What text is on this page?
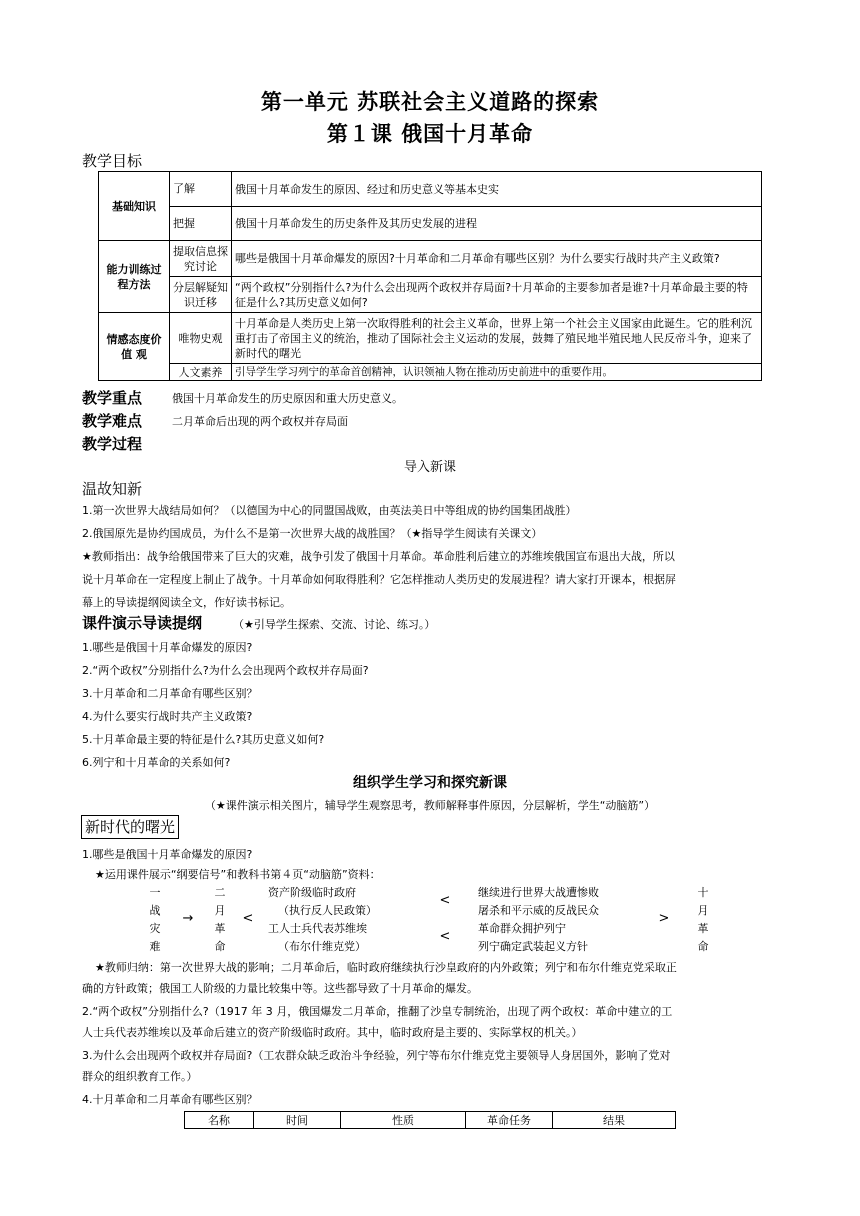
第一单元 苏联社会主义道路的探索
第１课 俄国十月革命
教学目标
基础知识	了解	俄国十月革命发生的原因、经过和历史意义等基本史实
	把握	俄国十月革命发生的历史条件及其历史发展的进程
能力训练过程方法	提取信息探究讨论	哪些是俄国十月革命爆发的原因?十月革命和二月革命有哪些区别？为什么要实行战时共产主义政策?
	分层解疑知识迁移	“两个政权”分别指什么?为什么会出现两个政权并存局面?十月革命的主要参加者是谁?十月革命最主要的特征是什么?其历史意义如何?
情感态度价值 观	唯物史观	十月革命是人类历史上第一次取得胜利的社会主义革命，世界上第一个社会主义国家由此诞生。它的胜利沉重打击了帝国主义的统治，推动了国际社会主义运动的发展，鼓舞了殖民地半殖民地人民反帝斗争，迎来了新时代的曙光
	人文素养	引导学生学习列宁的革命首创精神，认识领袖人物在推动历史前进中的重要作用。
教学重点	俄国十月革命发生的历史原因和重大历史意义。
教学难点	二月革命后出现的两个政权并存局面
教学过程
导入新课
温故知新
1.第一次世界大战结局如何？（以德国为中心的同盟国战败，由英法美日中等组成的协约国集团战胜）
2.俄国原先是协约国成员，为什么不是第一次世界大战的战胜国？（★指导学生阅读有关课文）
★教师指出：战争给俄国带来了巨大的灾难，战争引发了俄国十月革命。革命胜利后建立的苏维埃俄国宣布退出大战，所以
说十月革命在一定程度上制止了战争。十月革命如何取得胜利？它怎样推动人类历史的发展进程？请大家打开课本，根据屏
幕上的导读提纲阅读全文，作好读书标记。
课件演示导读提纲	（★引导学生探索、交流、讨论、练习。）
1.哪些是俄国十月革命爆发的原因?
2.“两个政权”分别指什么?为什么会出现两个政权并存局面?
3.十月革命和二月革命有哪些区别？
4.为什么要实行战时共产主义政策?
5.十月革命最主要的特征是什么?其历史意义如何?
6.列宁和十月革命的关系如何?
组织学生学习和探究新课
（★课件演示相关图片，辅导学生观察思考，教师解释事件原因，分层解析，学生“动脑筋”）
新时代的曙光
1.哪些是俄国十月革命爆发的原因?
★运用课件展示“纲要信号”和教科书第４页“动脑筋”资料：
一
战
灾
难
→
二
月
革
命
<
资产阶级临时政府
（执行反人民政策）
工人士兵代表苏维埃
（布尔什维克党）
<
<
继续进行世界大战遭惨败
屠杀和平示威的反战民众
革命群众拥护列宁
列宁确定武装起义方针
>
十
月
革
命
★教师归纳：第一次世界大战的影响；二月革命后，临时政府继续执行沙皇政府的内外政策；列宁和布尔什维克党采取正
确的方针政策；俄国工人阶级的力量比较集中等。这些都导致了十月革命的爆发。
2.“两个政权”分别指什么?（1917 年 3 月，俄国爆发二月革命，推翻了沙皇专制统治，出现了两个政权：革命中建立的工
人士兵代表苏维埃以及革命后建立的资产阶级临时政府。其中，临时政府是主要的、实际掌权的机关。）
3.为什么会出现两个政权并存局面?（工农群众缺乏政治斗争经验，列宁等布尔什维克党主要领导人身居国外，影响了党对
群众的组织教育工作。）
4.十月革命和二月革命有哪些区别？
名称	时间	性质	革命任务	结果
